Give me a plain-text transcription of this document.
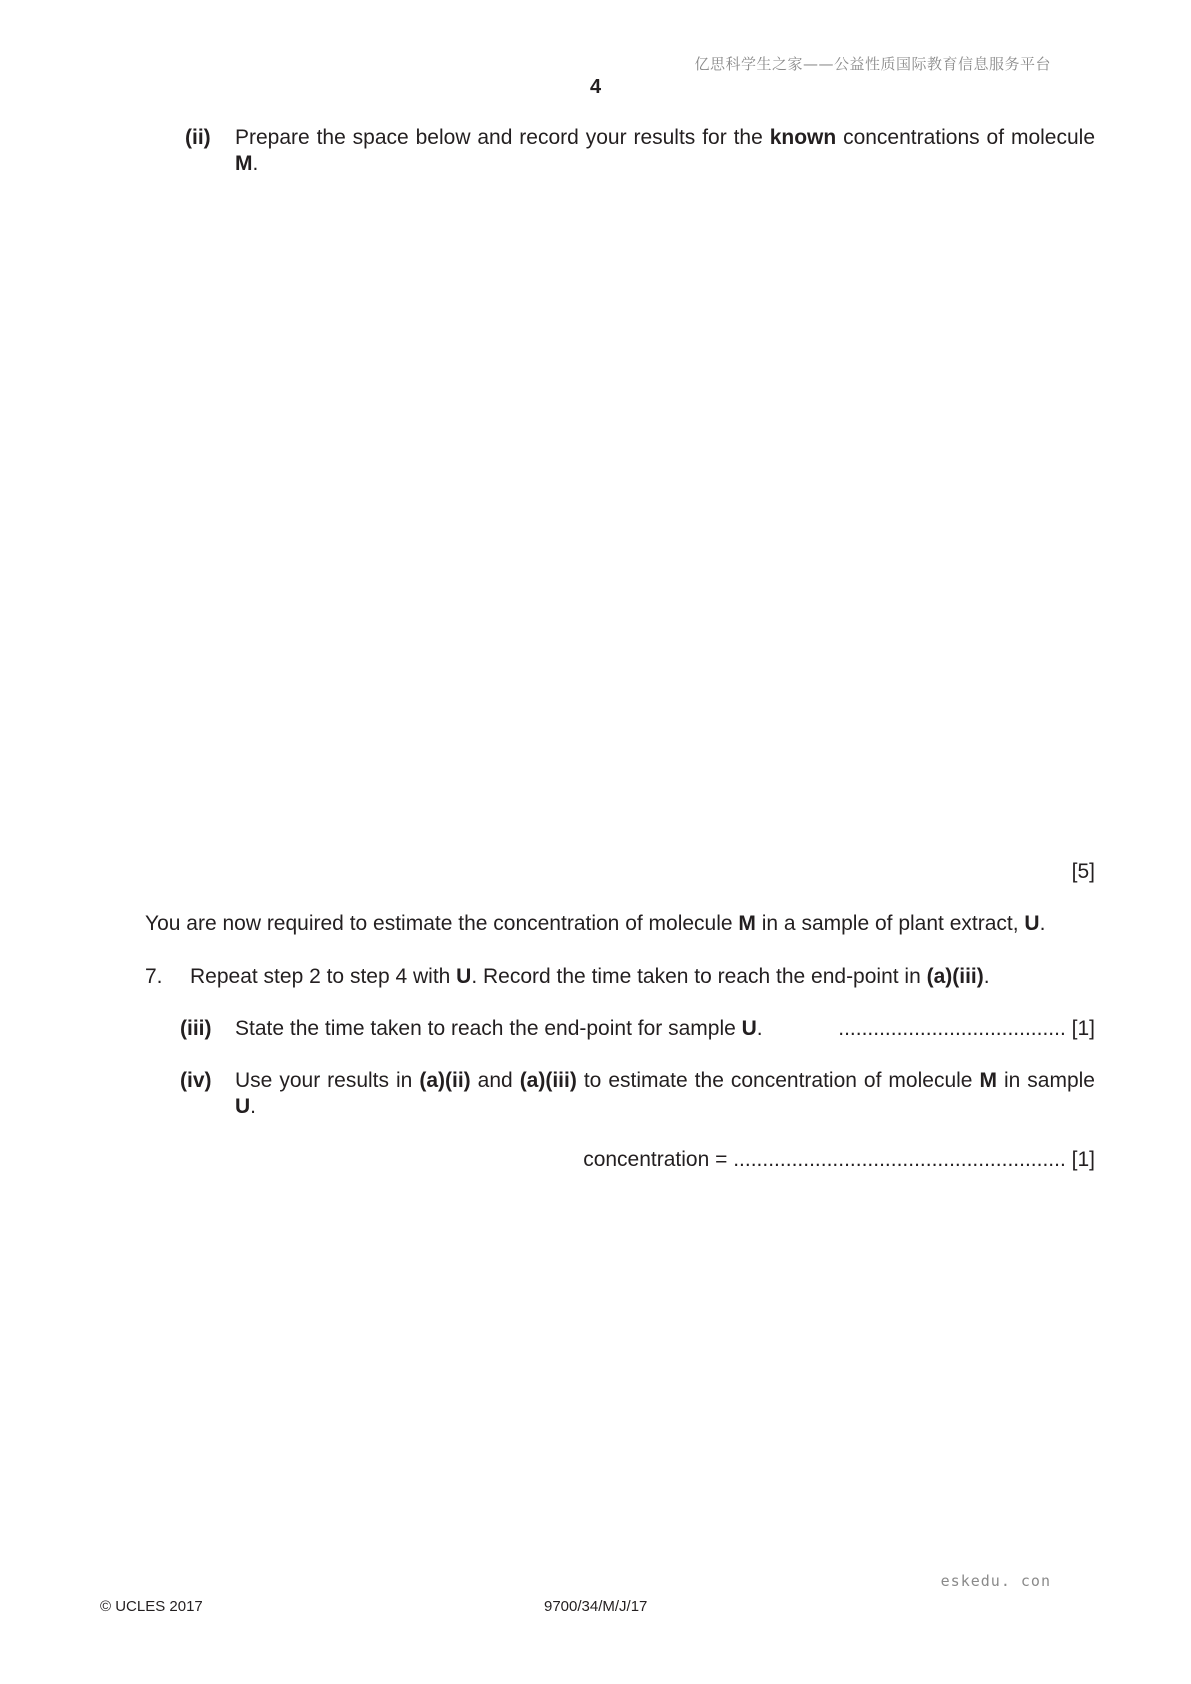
亿思科学生之家——公益性质国际教育信息服务平台
4
(ii) Prepare the space below and record your results for the known concentrations of molecule M.
[5]
You are now required to estimate the concentration of molecule M in a sample of plant extract, U.
7. Repeat step 2 to step 4 with U. Record the time taken to reach the end-point in (a)(iii).
(iii) State the time taken to reach the end-point for sample U.	....................................... [1]
(iv) Use your results in (a)(ii) and (a)(iii) to estimate the concentration of molecule M in sample U.
concentration = ......................................................... [1]
eskedu. con
© UCLES 2017	9700/34/M/J/17
